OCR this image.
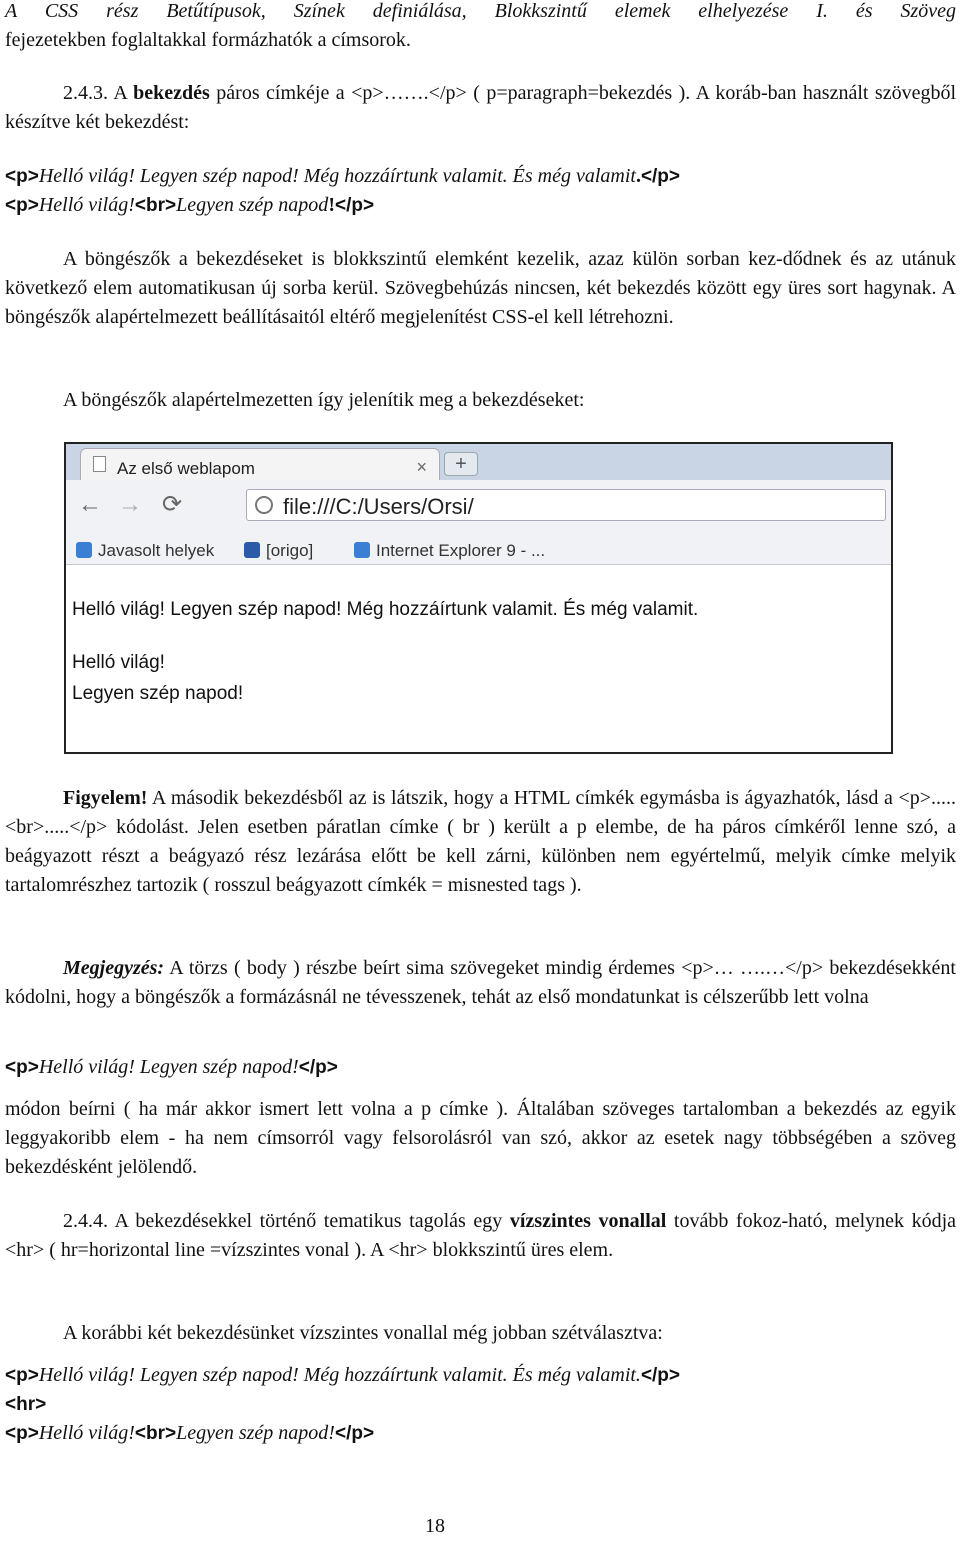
A CSS rész Betűtípusok, Színek definiálása, Blokkszintű elemek elhelyezése I. és Szöveg

fejezetekben foglaltakkal formázhatók a címsorok.

2.4.3. A bekezdés páros címkéje a <p>…….</p> ( p=paragraph=bekezdés ). A koráb-ban használt szövegből készítve két bekezdést:

<p>Helló világ! Legyen szép napod! Még hozzáírtunk valamit. És még valamit.</p>

<p>Helló világ!<br>Legyen szép napod!</p>

A böngészők a bekezdéseket is blokkszintű elemként kezelik, azaz külön sorban kez-dődnek és az utánuk következő elem automatikusan új sorba kerül. Szövegbehúzás nincsen, két bekezdés között egy üres sort hagynak. A böngészők alapértelmezett beállításaitól eltérő megjelenítést CSS-el kell létrehozni.

A böngészők alapértelmezetten így jelenítik meg a bekezdéseket:

Figyelem! A második bekezdésből az is látszik, hogy a HTML címkék egymásba is ágyazhatók, lásd a <p>.....<br>.....</p> kódolást. Jelen esetben páratlan címke ( br ) került a p elembe, de ha páros címkéről lenne szó, a beágyazott részt a beágyazó rész lezárása előtt be kell zárni, különben nem egyértelmű, melyik címke melyik tartalomrészhez tartozik ( rosszul beágyazott címkék = misnested tags ).

Megjegyzés: A törzs ( body ) részbe beírt sima szövegeket mindig érdemes <p>… ….…</p> bekezdésekként kódolni, hogy a böngészők a formázásnál ne tévesszenek, tehát az első mondatunkat is célszerűbb lett volna

<p>Helló világ! Legyen szép napod!</p>

módon beírni ( ha már akkor ismert lett volna a p címke ). Általában szöveges tartalomban a bekezdés az egyik leggyakoribb elem - ha nem címsorról vagy felsorolásról van szó, akkor az esetek nagy többségében a szöveg bekezdésként jelölendő.

2.4.4. A bekezdésekkel történő tematikus tagolás egy vízszintes vonallal tovább fokoz-ható, melynek kódja <hr> ( hr=horizontal line =vízszintes vonal ). A <hr> blokkszintű üres elem.

A korábbi két bekezdésünket vízszintes vonallal még jobban szétválasztva:

<p>Helló világ! Legyen szép napod! Még hozzáírtunk valamit. És még valamit.</p>

<hr>

<p>Helló világ!<br>Legyen szép napod!</p>

Az első weblapom	×	+
← → ⟳	file:///C:/Users/Orsi/
Javasolt helyek	[origo]	Internet Explorer 9 - ...
Helló világ! Legyen szép napod! Még hozzáírtunk valamit. És még valamit.
Helló világ!
Legyen szép napod!
18
